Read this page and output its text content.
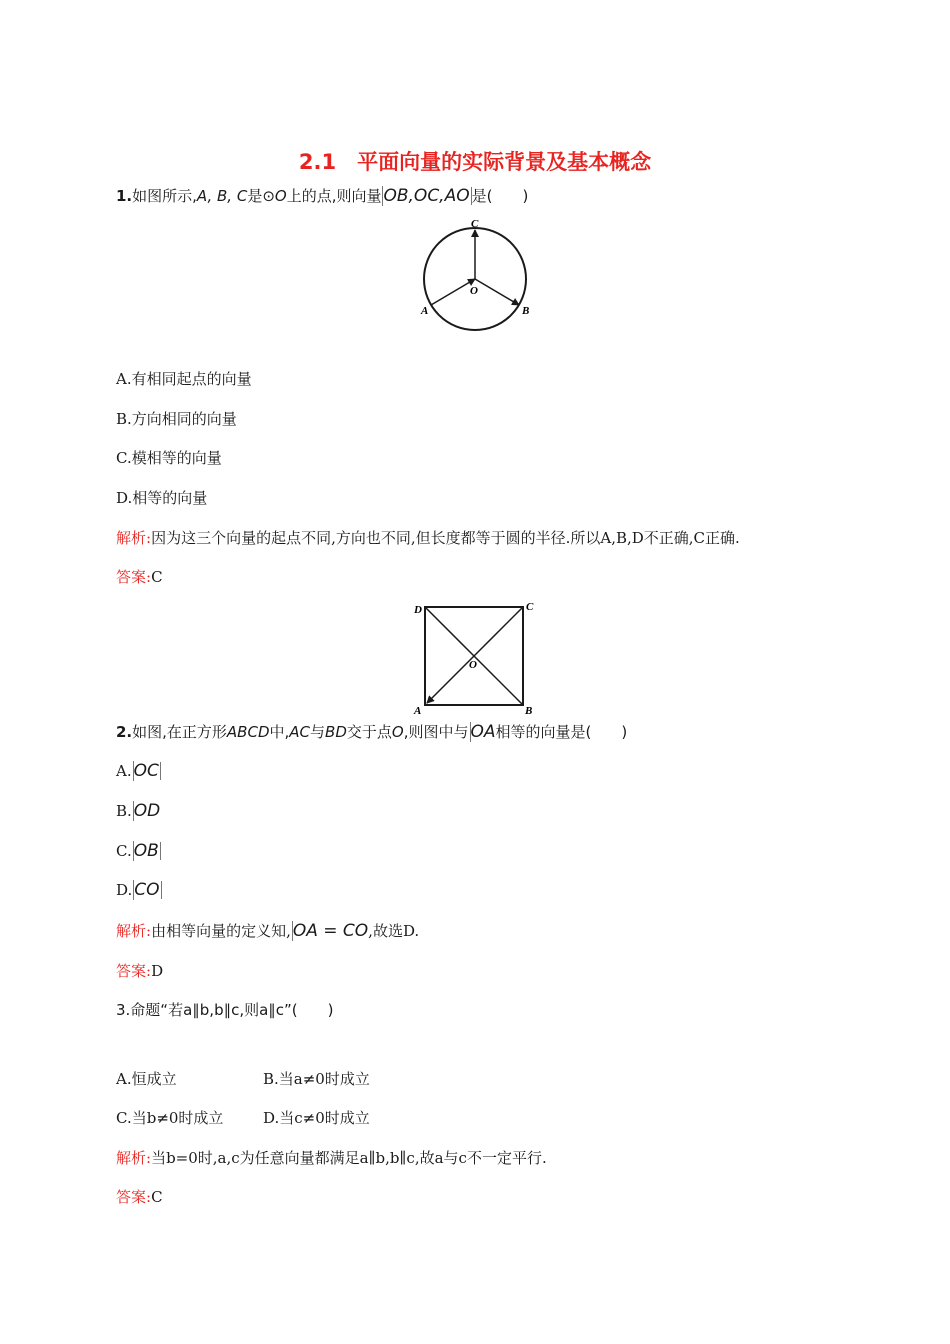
2.1　平面向量的实际背景及基本概念
1.如图所示,A, B, C是⊙O上的点,则向量 OB,OC,AO 是(　　)
C
O
A	B
A.有相同起点的向量
B.方向相同的向量
C.模相等的向量
D.相等的向量
解析:因为这三个向量的起点不同,方向也不同,但长度都等于圆的半径.所以A,B,D不正确,C正确.
答案:C
D	C
O
A	B
2.如图,在正方形ABCD中,AC与BD交于点O,则图中与 OA相等的向量是(　　)
A. OC
B. OD
C. OB
D. CO
解析:由相等向量的定义知, OA = CO,故选D.
答案:D
3.命题“若a∥b,b∥c,则a∥c”(　　)
A.恒成立	B.当a≠0时成立
C.当b≠0时成立	D.当c≠0时成立
解析:当b=0时,a,c为任意向量都满足a∥b,b∥c,故a与c不一定平行.
答案:C
